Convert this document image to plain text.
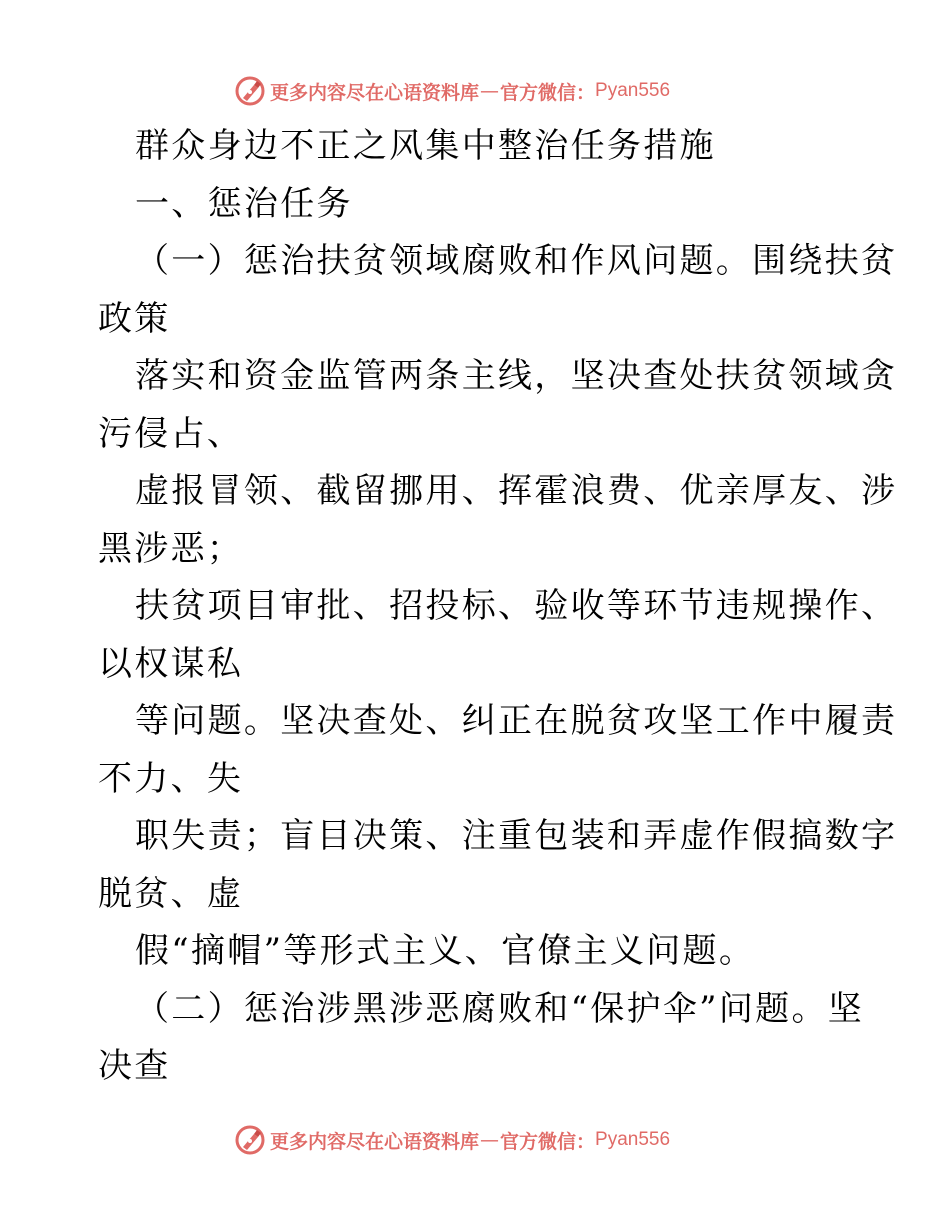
更多内容尽在心语资料库 — 官方微信： Pyan556
群众身边不正之风集中整治任务措施
一、惩治任务
（一）惩治扶贫领域腐败和作风问题。围绕扶贫
政策
落实和资金监管两条主线，坚决查处扶贫领域贪
污侵占、
虚报冒领、截留挪用、挥霍浪费、优亲厚友、涉
黑涉恶；
扶贫项目审批、招投标、验收等环节违规操作、
以权谋私
等问题。坚决查处、纠正在脱贫攻坚工作中履责
不力、失
职失责；盲目决策、注重包装和弄虚作假搞数字
脱贫、虚
假“摘帽”等形式主义、官僚主义问题。
（二）惩治涉黑涉恶腐败和“保护伞”问题。坚
决查
更多内容尽在心语资料库 — 官方微信： Pyan556
